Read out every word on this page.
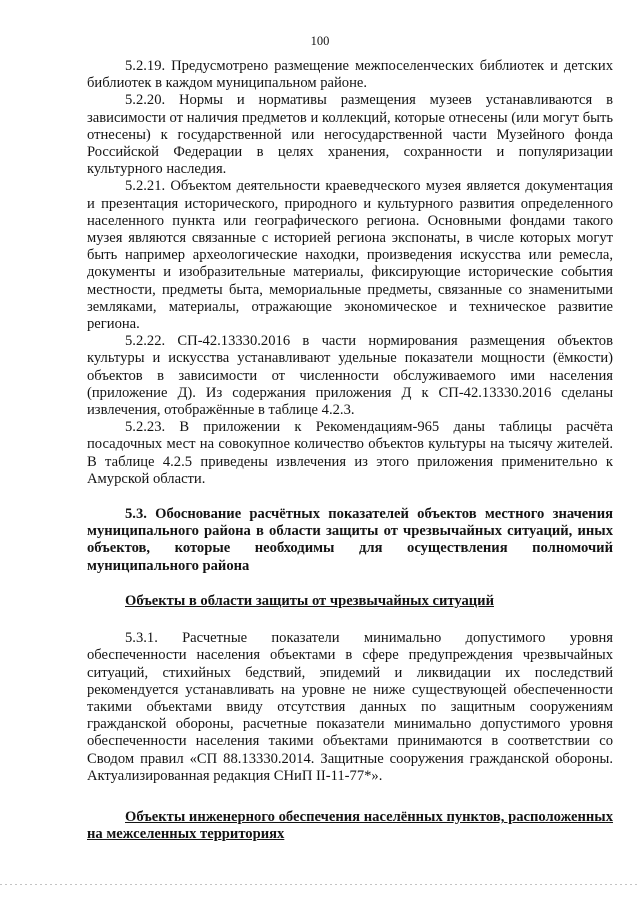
100

5.2.19. Предусмотрено размещение межпоселенческих библиотек и детских библиотек в каждом муниципальном районе.

5.2.20. Нормы и нормативы размещения музеев устанавливаются в зависимости от наличия предметов и коллекций, которые отнесены (или могут быть отнесены) к государственной или негосударственной части Музейного фонда Российской Федерации в целях хранения, сохранности и популяризации культурного наследия.

5.2.21. Объектом деятельности краеведческого музея является документация и презентация исторического, природного и культурного развития определенного населенного пункта или географического региона. Основными фондами такого музея являются связанные с историей региона экспонаты, в числе которых могут быть например археологические находки, произведения искусства или ремесла, документы и изобразительные материалы, фиксирующие исторические события местности, предметы быта, мемориальные предметы, связанные со знаменитыми земляками, материалы, отражающие экономическое и техническое развитие региона.

5.2.22. СП-42.13330.2016 в части нормирования размещения объектов культуры и искусства устанавливают удельные показатели мощности (ёмкости) объектов в зависимости от численности обслуживаемого ими населения (приложение Д). Из содержания приложения Д к СП-42.13330.2016 сделаны извлечения, отображённые в таблице 4.2.3.

5.2.23. В приложении к Рекомендациям-965 даны таблицы расчёта посадочных мест на совокупное количество объектов культуры на тысячу жителей. В таблице 4.2.5 приведены извлечения из этого приложения применительно к Амурской области.

5.3. Обоснование расчётных показателей объектов местного значения муниципального района в области защиты от чрезвычайных ситуаций, иных объектов, которые необходимы для осуществления полномочий муниципального района

Объекты в области защиты от чрезвычайных ситуаций

5.3.1. Расчетные показатели минимально допустимого уровня обеспеченности населения объектами в сфере предупреждения чрезвычайных ситуаций, стихийных бедствий, эпидемий и ликвидации их последствий рекомендуется устанавливать на уровне не ниже существующей обеспеченности такими объектами ввиду отсутствия данных по защитным сооружениям гражданской обороны, расчетные показатели минимально допустимого уровня обеспеченности населения такими объектами принимаются в соответствии со Сводом правил «СП 88.13330.2014. Защитные сооружения гражданской обороны. Актуализированная редакция СНиП II-11-77*».

Объекты инженерного обеспечения населённых пунктов, расположенных на межселенных территориях
